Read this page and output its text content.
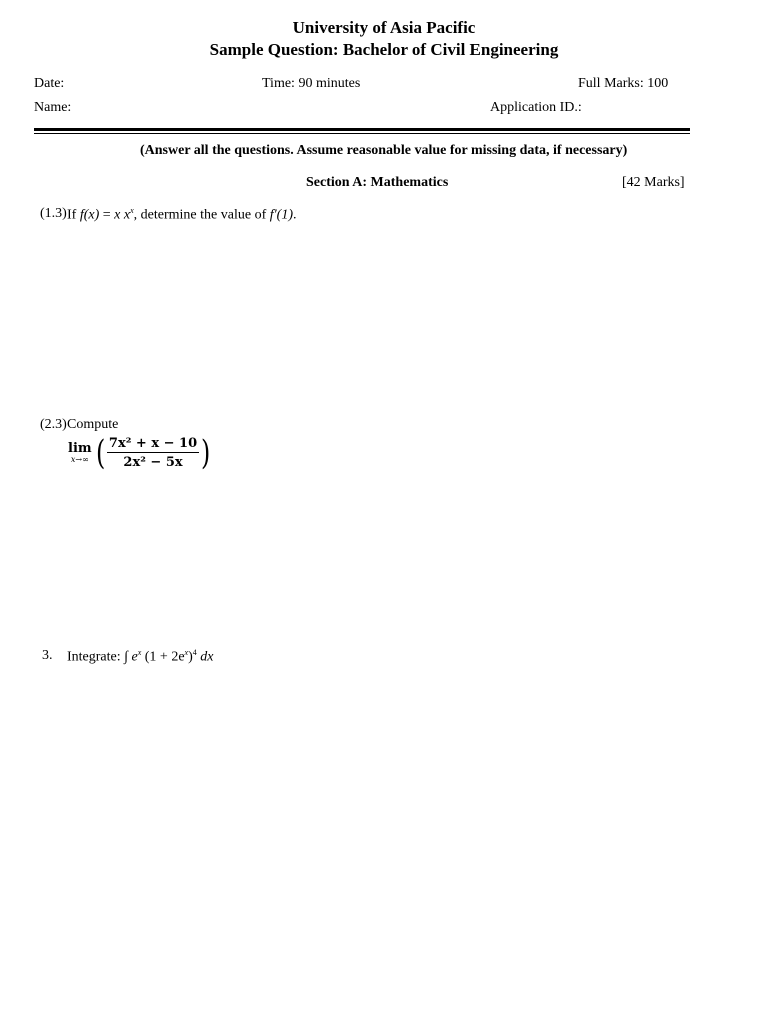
University of Asia Pacific
Sample Question: Bachelor of Civil Engineering
Date:	Time: 90 minutes	Full Marks: 100
Name:	Application ID.:
(Answer all the questions. Assume reasonable value for missing data, if necessary)
Section A: Mathematics	[42 Marks]
(1.3) If f(x) = x $x^x$, determine the value of f′(1).
(2.3) Compute
lim
x→∞ ( $\frac{\text{7x² + x − 10}}{\text{2x² − 5x}}$ )
3. Integrate: ∫ $e^x$ $(1 + 2e^x)^4$ dx
